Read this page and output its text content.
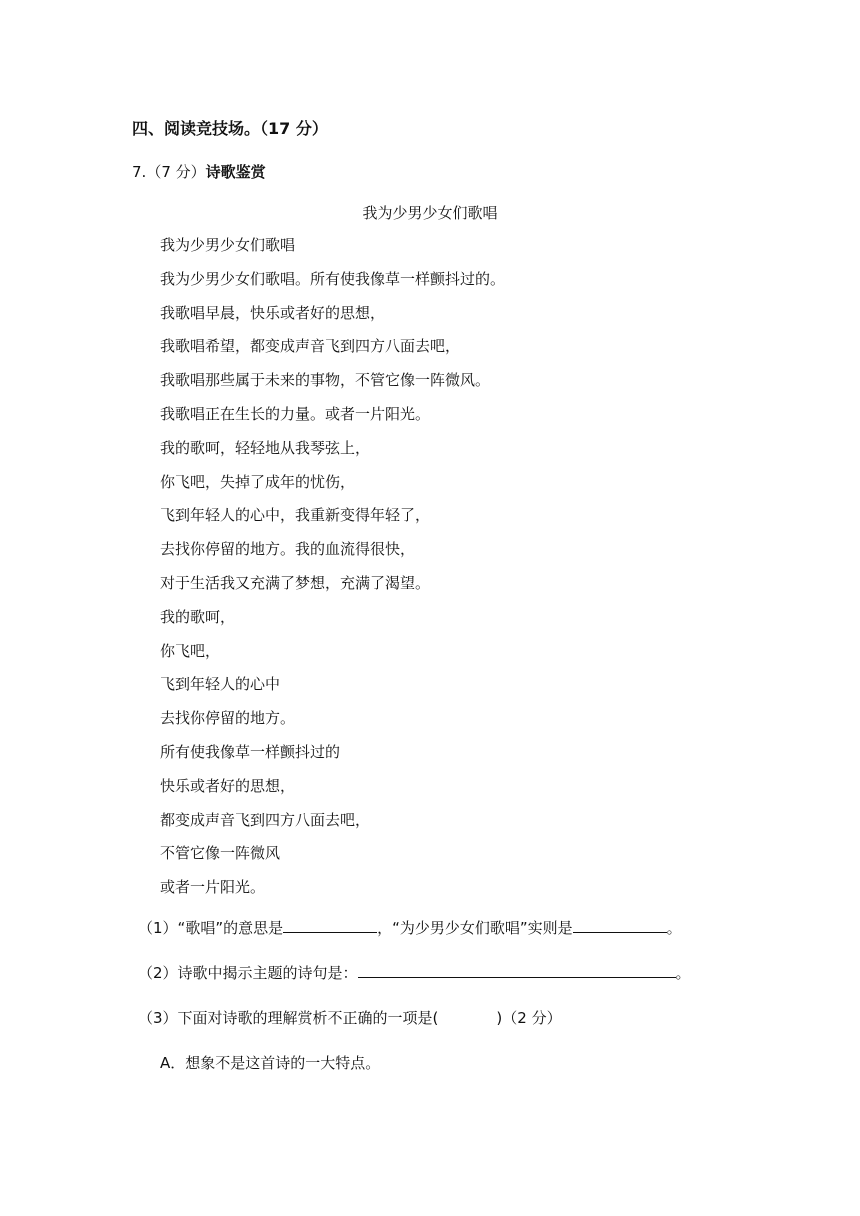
四、阅读竞技场。（17 分）
7.（7 分）诗歌鉴赏
我为少男少女们歌唱
我为少男少女们歌唱
我为少男少女们歌唱。所有使我像草一样颤抖过的。
我歌唱早晨，快乐或者好的思想，
我歌唱希望，都变成声音飞到四方八面去吧，
我歌唱那些属于未来的事物，不管它像一阵微风。
我歌唱正在生长的力量。或者一片阳光。
我的歌呵，轻轻地从我琴弦上，
你飞吧，失掉了成年的忧伤，
飞到年轻人的心中，我重新变得年轻了，
去找你停留的地方。我的血流得很快，
对于生活我又充满了梦想，充满了渴望。
我的歌呵，
你飞吧，
飞到年轻人的心中
去找你停留的地方。
所有使我像草一样颤抖过的
快乐或者好的思想，
都变成声音飞到四方八面去吧，
不管它像一阵微风
或者一片阳光。
（1）“歌唱”的意思是	，“为少男少女们歌唱”实则是	。
（2）诗歌中揭示主题的诗句是：	。
（3）下面对诗歌的理解赏析不正确的一项是(	)（2 分）
A．想象不是这首诗的一大特点。
